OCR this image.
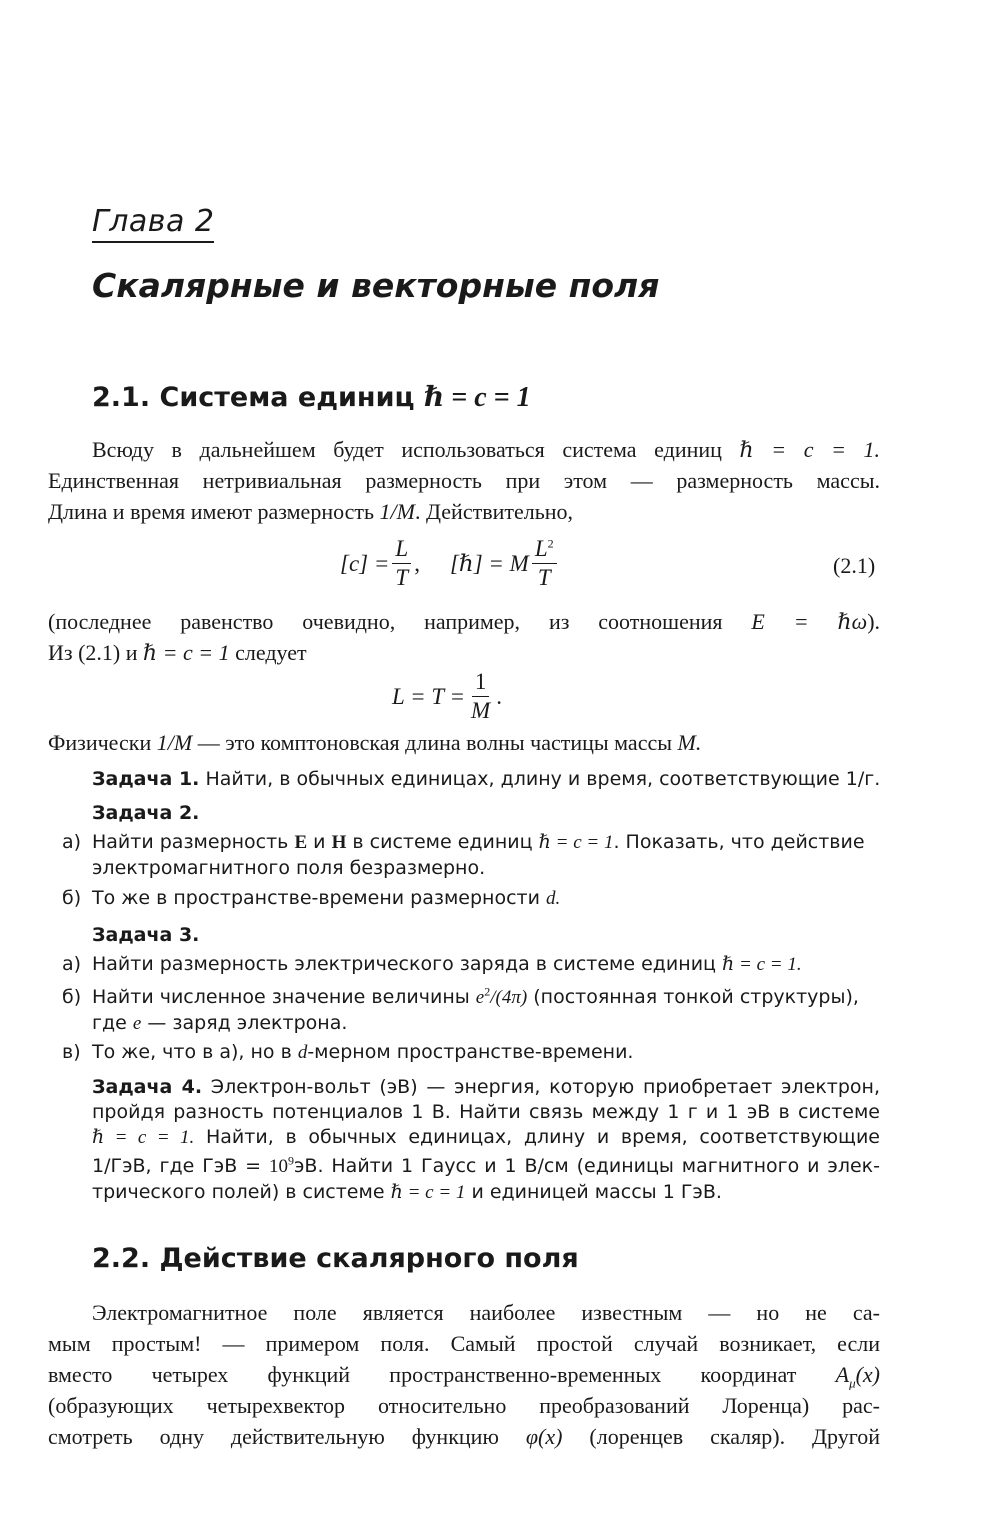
Глава 2
Скалярные и векторные поля
2.1. Система единиц ℏ = c = 1
Всюду в дальнейшем будет использоваться система единиц ℏ = c = 1.
Единственная нетривиальная размерность при этом — размерность массы.
Длина и время имеют размерность 1/M. Действительно,
$[c] = \frac{L}{T}$ , [ℏ] = M $\frac{L^2}{T}$	(2.1)
(последнее равенство очевидно, например, из соотношения E = ℏω).
Из (2.1) и ℏ = c = 1 следует
$L = T = \frac{1}{M}$ .
Физически 1/M — это комптоновская длина волны частицы массы M.
Задача 1. Найти, в обычных единицах, длину и время, соответствующие 1/г.
Задача 2.
а) Найти размерность E и H в системе единиц ℏ = c = 1. Показать, что действие
электромагнитного поля безразмерно.
б) То же в пространстве-времени размерности d.
Задача 3.
а) Найти размерность электрического заряда в системе единиц ℏ = c = 1.
б) Найти численное значение величины $e^2/(4\pi)$ (постоянная тонкой структуры),
где e — заряд электрона.
в) То же, что в а), но в d-мерном пространстве-времени.
Задача 4. Электрон-вольт (эВ) — энергия, которую приобретает электрон,
пройдя разность потенциалов 1 В. Найти связь между 1 г и 1 эВ в системе
ℏ = c = 1. Найти, в обычных единицах, длину и время, соответствующие
1/ГэВ, где ГэВ = $10^9эВ$. Найти 1 Гаусс и 1 В/см (единицы магнитного и элек-
трического полей) в системе ℏ = c = 1 и единицей массы 1 ГэВ.
2.2. Действие скалярного поля
Электромагнитное поле является наиболее известным — но не са-
мым простым! — примером поля. Самый простой случай возникает, если
вместо четырех функций пространственно-временных координат $A_\mu(x)$
(образующих четырехвектор относительно преобразований Лоренца) рас-
смотреть одну действительную функцию φ(x) (лоренцев скаляр). Другой
